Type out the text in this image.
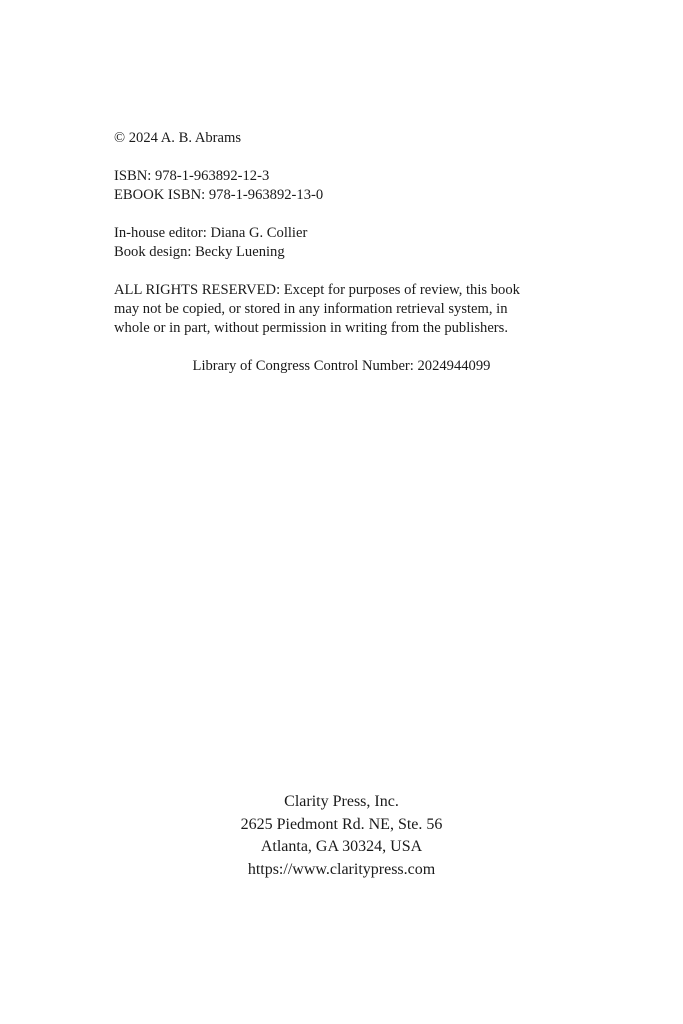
© 2024 A. B. Abrams
ISBN: 978-1-963892-12-3
EBOOK ISBN: 978-1-963892-13-0
In-house editor: Diana G. Collier
Book design: Becky Luening
ALL RIGHTS RESERVED: Except for purposes of review, this book
may not be copied, or stored in any information retrieval system, in
whole or in part, without permission in writing from the publishers.
Library of Congress Control Number: 2024944099
Clarity Press, Inc.
2625 Piedmont Rd. NE, Ste. 56
Atlanta, GA 30324, USA
https://www.claritypress.com
